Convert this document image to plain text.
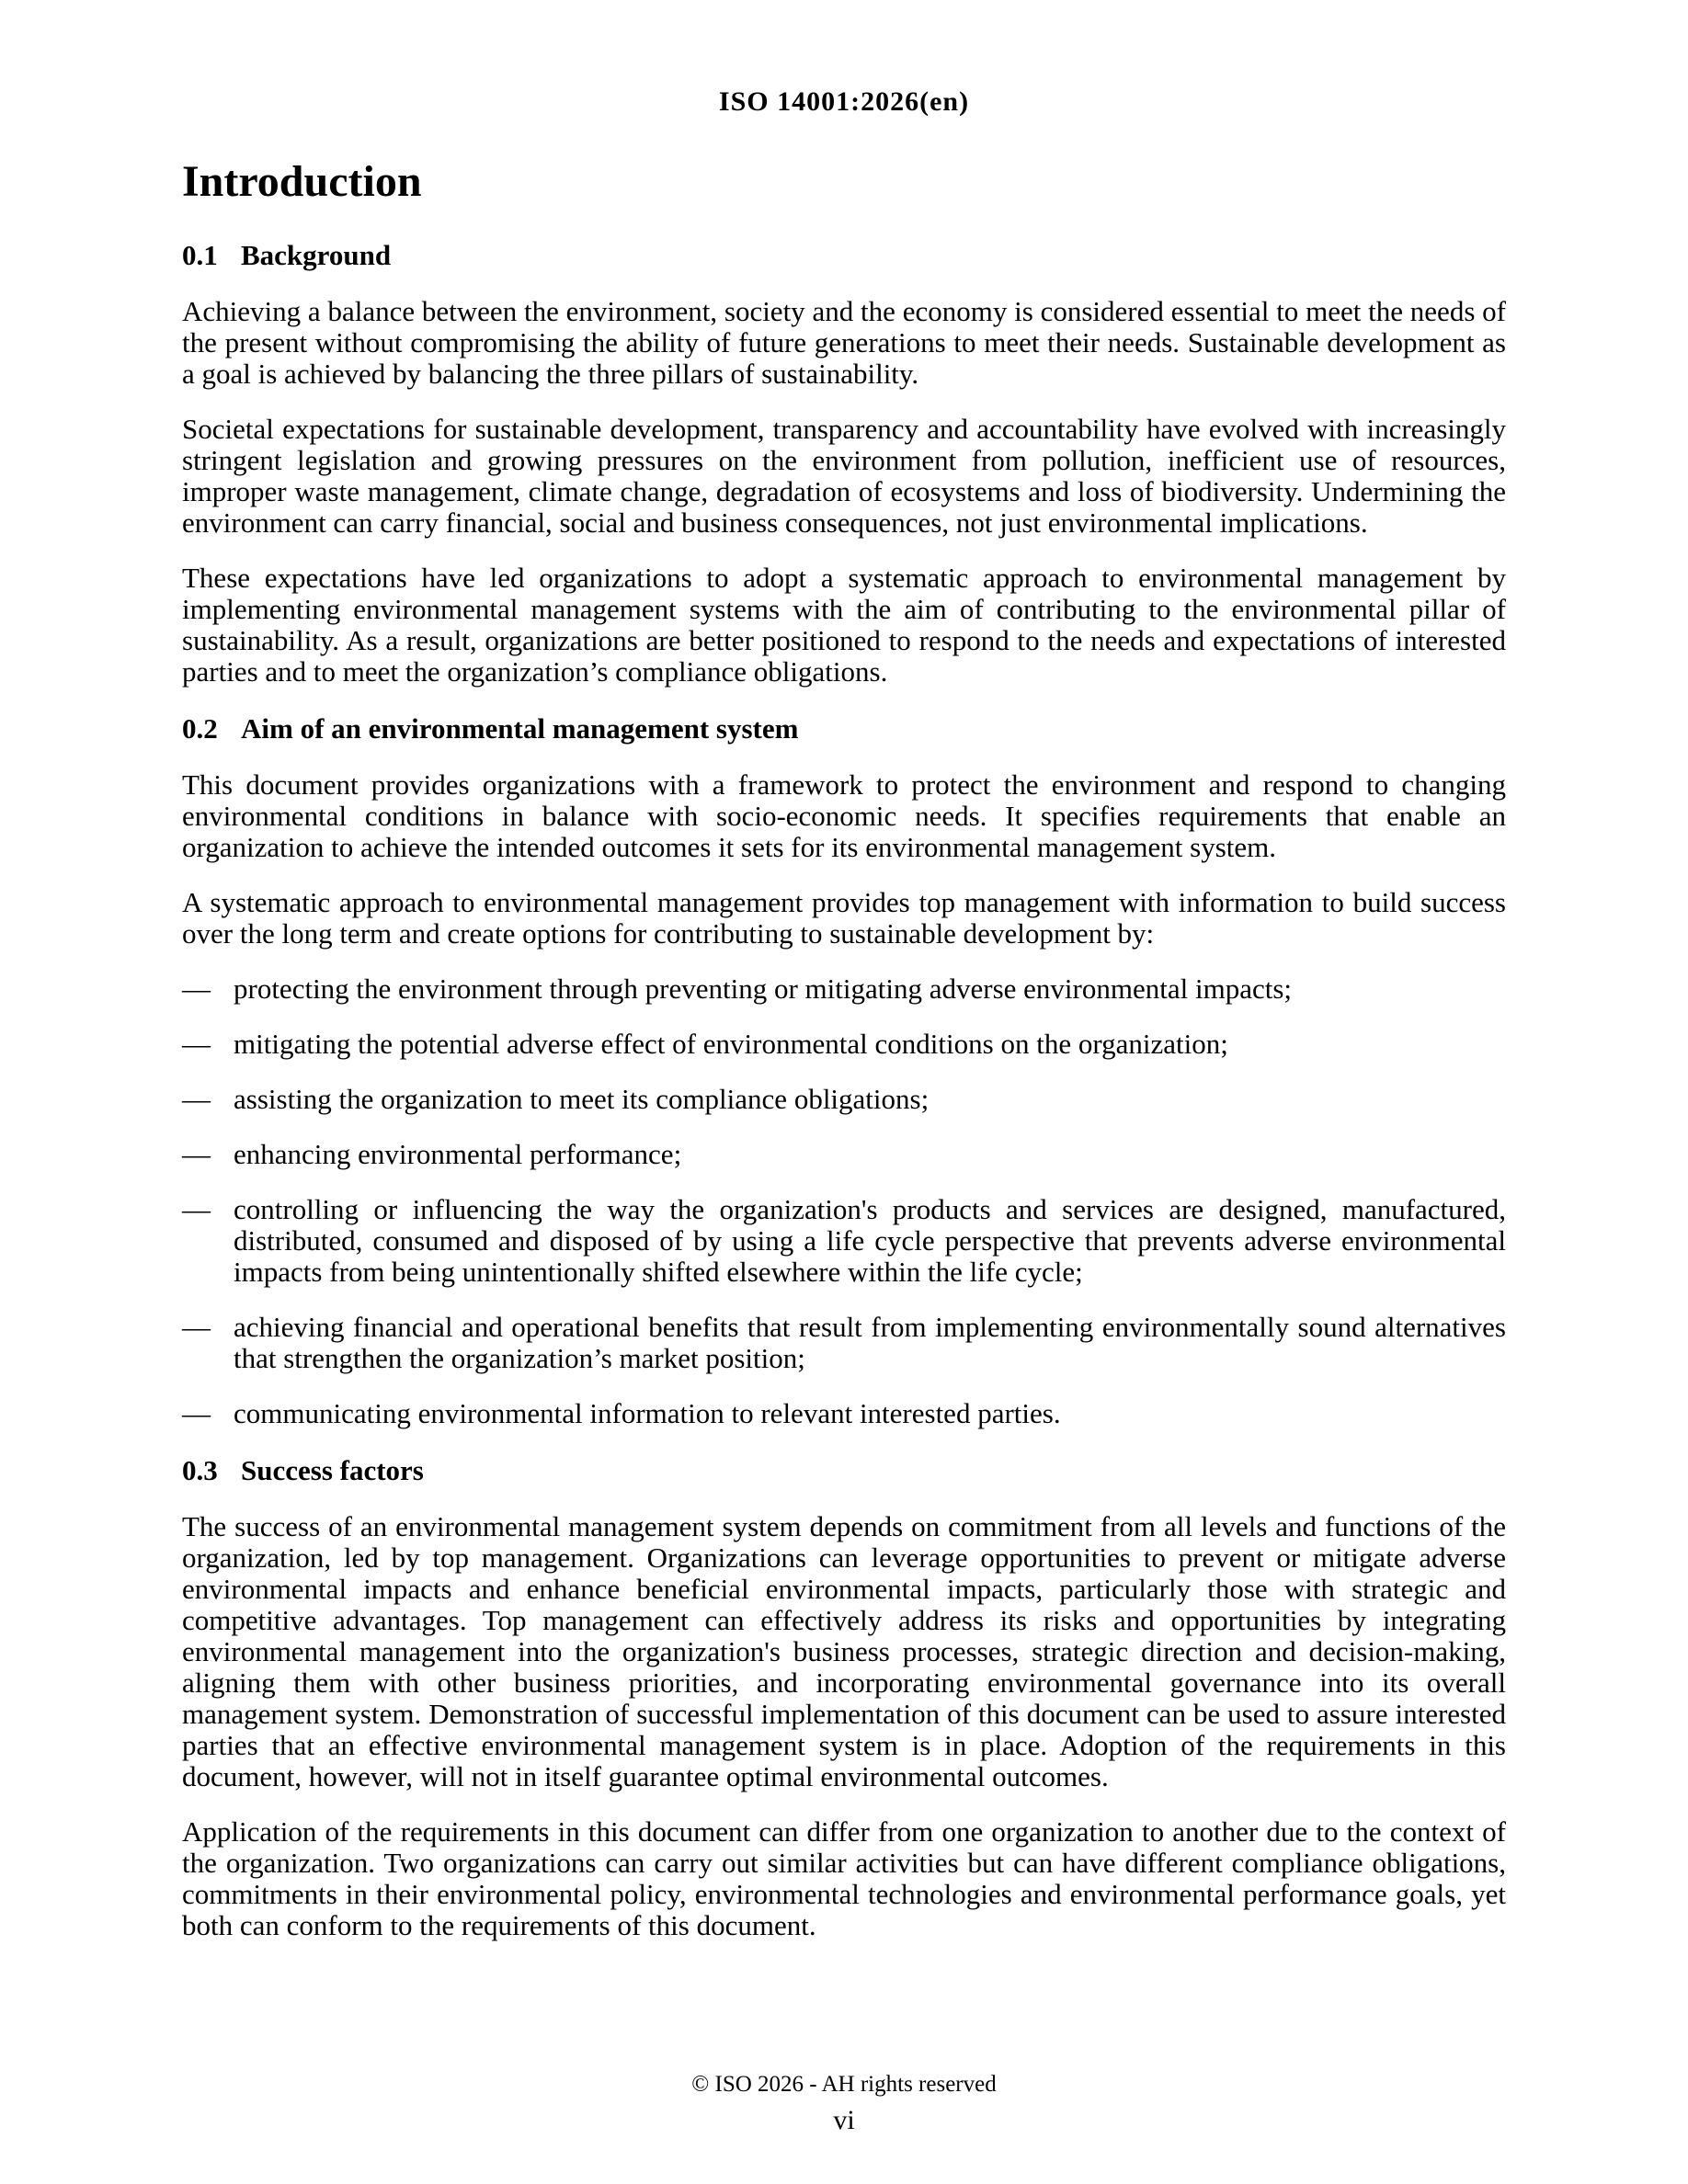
ISO 14001:2026(en)
Introduction
0.1 Background

Achieving a balance between the environment, society and the economy is considered essential to meet the needs of the present without compromising the ability of future generations to meet their needs. Sustainable development as a goal is achieved by balancing the three pillars of sustainability.

Societal expectations for sustainable development, transparency and accountability have evolved with increasingly stringent legislation and growing pressures on the environment from pollution, inefficient use of resources, improper waste management, climate change, degradation of ecosystems and loss of biodiversity. Undermining the environment can carry financial, social and business consequences, not just environmental implications.

These expectations have led organizations to adopt a systematic approach to environmental management by implementing environmental management systems with the aim of contributing to the environmental pillar of sustainability. As a result, organizations are better positioned to respond to the needs and expectations of interested parties and to meet the organization’s compliance obligations.

0.2 Aim of an environmental management system

This document provides organizations with a framework to protect the environment and respond to changing environmental conditions in balance with socio-economic needs. It specifies requirements that enable an organization to achieve the intended outcomes it sets for its environmental management system.

A systematic approach to environmental management provides top management with information to build success over the long term and create options for contributing to sustainable development by:

— protecting the environment through preventing or mitigating adverse environmental impacts;
— mitigating the potential adverse effect of environmental conditions on the organization;
— assisting the organization to meet its compliance obligations;
— enhancing environmental performance;
— controlling or influencing the way the organization's products and services are designed, manufactured, distributed, consumed and disposed of by using a life cycle perspective that prevents adverse environmental impacts from being unintentionally shifted elsewhere within the life cycle;
— achieving financial and operational benefits that result from implementing environmentally sound alternatives that strengthen the organization’s market position;
— communicating environmental information to relevant interested parties.
0.3 Success factors

The success of an environmental management system depends on commitment from all levels and functions of the organization, led by top management. Organizations can leverage opportunities to prevent or mitigate adverse environmental impacts and enhance beneficial environmental impacts, particularly those with strategic and competitive advantages. Top management can effectively address its risks and opportunities by integrating environmental management into the organization's business processes, strategic direction and decision-making, aligning them with other business priorities, and incorporating environmental governance into its overall management system. Demonstration of successful implementation of this document can be used to assure interested parties that an effective environmental management system is in place. Adoption of the requirements in this document, however, will not in itself guarantee optimal environmental outcomes.

Application of the requirements in this document can differ from one organization to another due to the context of the organization. Two organizations can carry out similar activities but can have different compliance obligations, commitments in their environmental policy, environmental technologies and environmental performance goals, yet both can conform to the requirements of this document.

© ISO 2026 - AH rights reserved
vi
